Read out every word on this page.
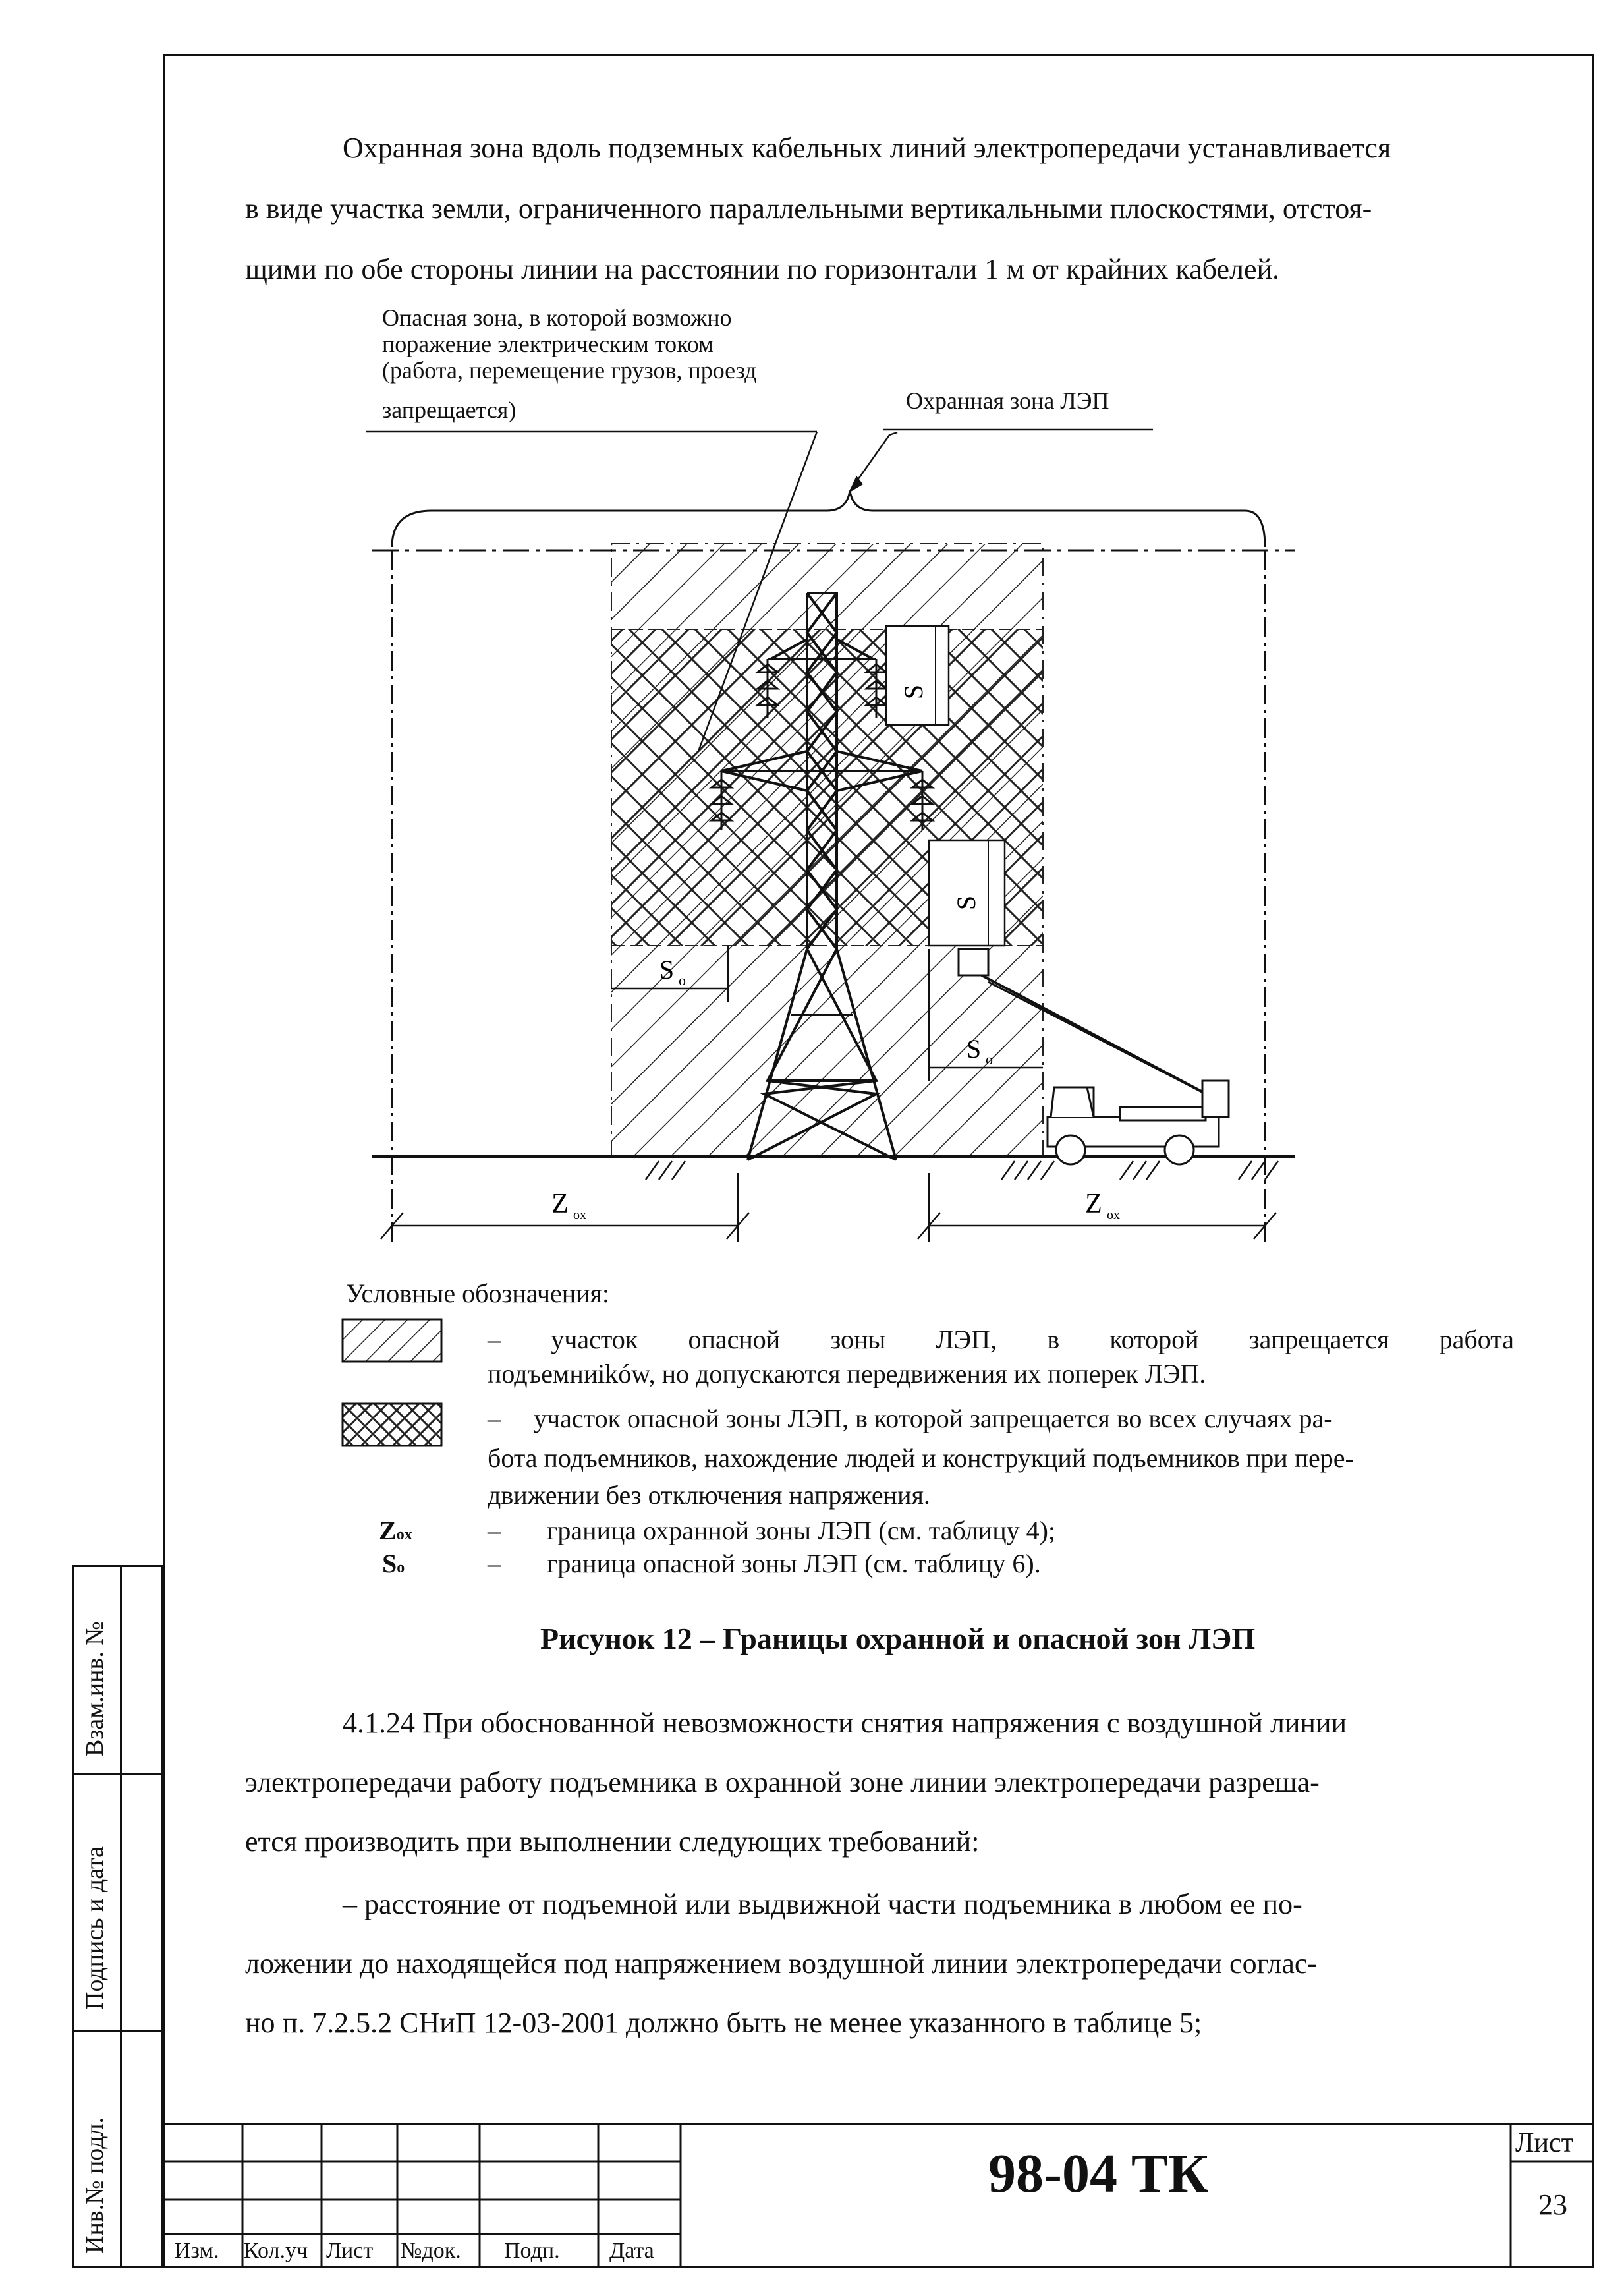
Взам.инв. №
Подпись и дата
Инв.№ подл.
Охранная зона вдоль подземных кабельных линий электропередачи устанавливается
в виде участка земли, ограниченного параллельными вертикальными плоскостями, отстоя-
щими по обе стороны линии на расстоянии по горизонтали 1 м от крайних кабелей.
Опасная зона, в которой возможно
поражение электрическим током
(работа, перемещение грузов, проезд
запрещается)	Охранная зона ЛЭП
S
S
S o
S o
Z ox	Z ox
Условные обозначения:
– участок опасной зоны ЛЭП, в которой запрещается работа
подъемниików, но допускаются передвижения их поперек ЛЭП.
–     участок опасной зоны ЛЭП, в которой запрещается во всех случаях ра-
бота подъемников, нахождение людей и конструкций подъемников при пере-
движении без отключения напряжения.
Zox	– граница охранной зоны ЛЭП (см. таблицу 4);
So	– граница опасной зоны ЛЭП (см. таблицу 6).
Рисунок 12 – Границы охранной и опасной зон ЛЭП
4.1.24 При обоснованной невозможности снятия напряжения с воздушной линии
электропередачи работу подъемника в охранной зоне линии электропередачи разреша-
ется производить при выполнении следующих требований:
– расстояние от подъемной или выдвижной части подъемника в любом ее по-
ложении до находящейся под напряжением воздушной линии электропередачи соглас-
но п. 7.2.5.2 СНиП 12-03-2001 должно быть не менее указанного в таблице 5;
Изм. Кол.уч Лист №док. Подп. Дата
98-04 ТК	Лист
23
